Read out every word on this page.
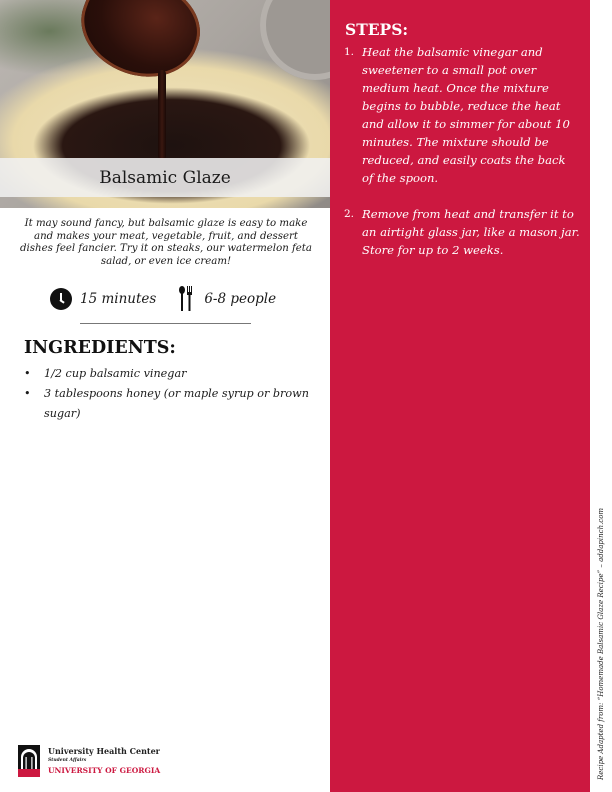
Balsamic Glaze

It may sound fancy, but balsamic glaze is easy to make and makes your meat, vegetable, fruit, and dessert dishes feel fancier. Try it on steaks, our watermelon feta salad, or even ice cream!

15 minutes	6-8 people
INGREDIENTS:
• 1/2 cup balsamic vinegar
• 3 tablespoons honey (or maple syrup or brown sugar)
STEPS:
1. Heat the balsamic vinegar and sweetener to a small pot over medium heat. Once the mixture begins to bubble, reduce the heat and allow it to simmer for about 10 minutes. The mixture should be reduced, and easily coats the back of the spoon.
2. Remove from heat and transfer it to an airtight glass jar, like a mason jar. Store for up to 2 weeks.
Recipe Adapted from: “Homemade Balsamic Glaze Recipe” – addapinch.com
University Health Center
Student Affairs
UNIVERSITY OF GEORGIA
